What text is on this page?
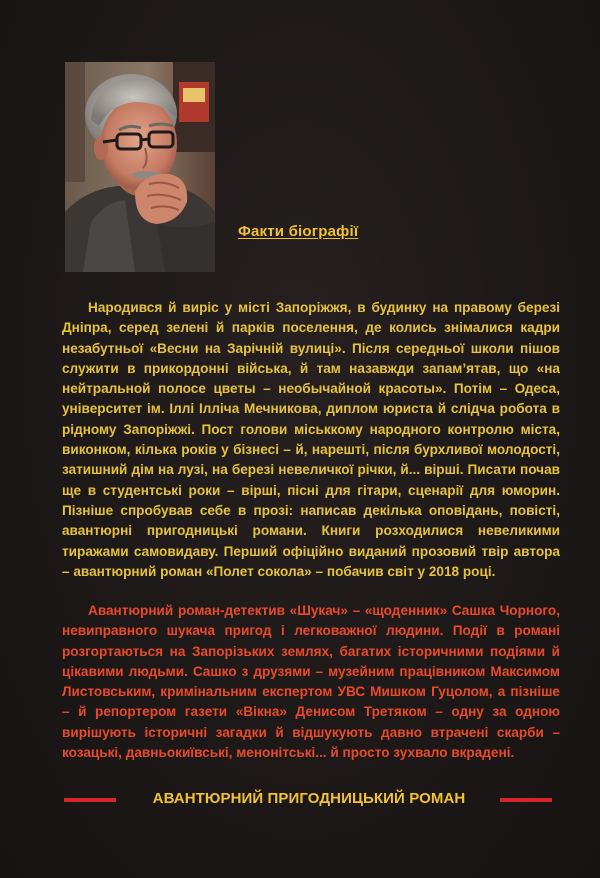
Факти біографії

Народився й виріс у місті Запоріжжя, в будинку на правому березі Дніпра, серед зелені й парків поселення, де колись знімалися кадри незабутньої «Весни на Зарічній вулиці». Після середньої школи пішов служити в прикордонні війська, й там назавжди запам’ятав, що «на нейтральной полосе цветы – необычайной красоты». Потім – Одеса, університет ім. Іллі Ілліча Мечникова, диплом юриста й слідча робота в рідному Запоріжжі. Пост голови міськкому народного контролю міста, виконком, кілька років у бізнесі – й, нарешті, після бурхливої молодості, затишний дім на лузі, на березі невеличкої річки, й... вірші. Писати почав ще в студентські роки – вірші, пісні для гітари, сценарії для юморин. Пізніше спробував себе в прозі: написав декілька оповідань, повісті, авантюрні пригодницькі романи. Книги розходилися невеликими тиражами самовидаву. Перший офіційно виданий прозовий твір автора – авантюрний роман «Полет сокола» – побачив світ у 2018 році.

Авантюрний роман-детектив «Шукач» – «щоденник» Сашка Чорного, невиправного шукача пригод і легковажної людини. Події в романі розгортаються на Запорізьких землях, багатих історичними подіями й цікавими людьми. Сашко з друзями – музейним працівником Максимом Листовським, кримінальним експертом УВС Мишком Гуцолом, а пізніше – й репортером газети «Вікна» Денисом Третяком – одну за одною вирішують історичні загадки й відшукують давно втрачені скарби – козацькі, давньокиївські, менонітські... й просто зухвало вкрадені.

АВАНТЮРНИЙ ПРИГОДНИЦЬКИЙ РОМАН
